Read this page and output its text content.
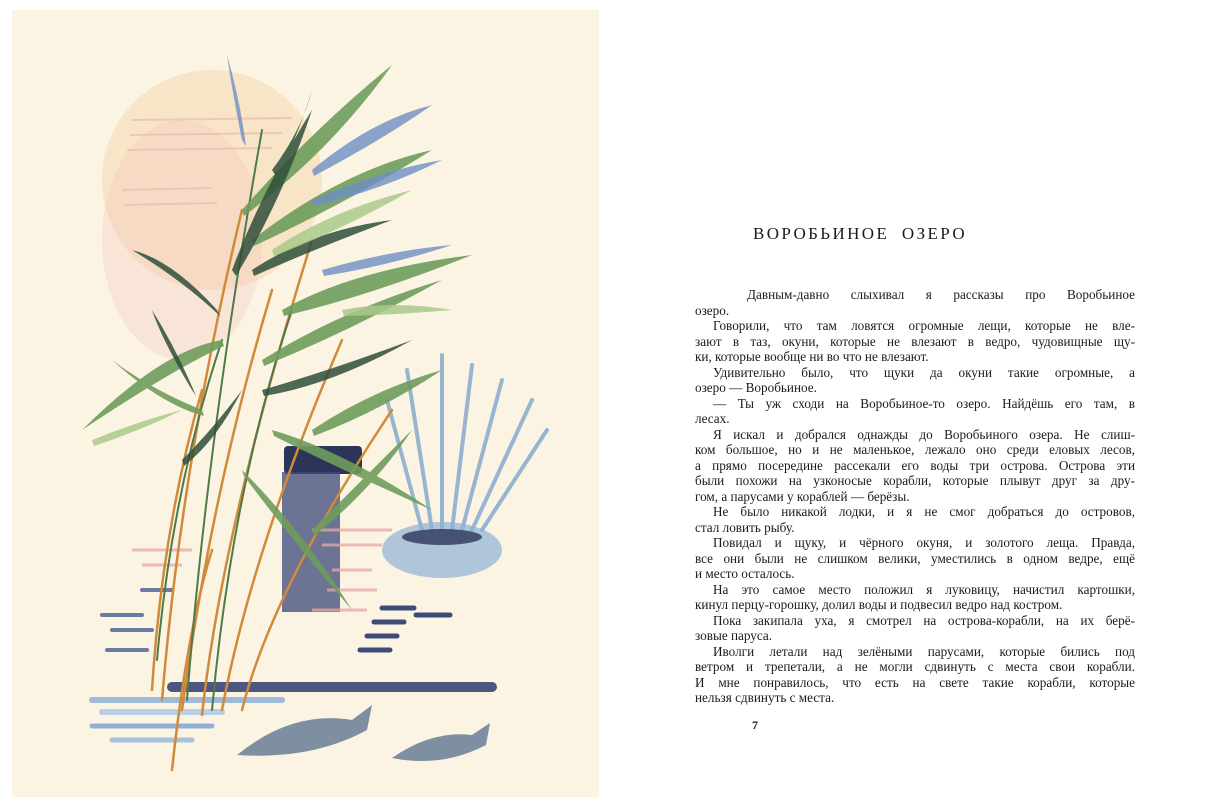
ВОРОБЬИНОЕ ОЗЕРО
Давным-давно слыхивал я рассказы про Воробьиное
озеро.
Говорили, что там ловятся огромные лещи, которые не вле-
зают в таз, окуни, которые не влезают в ведро, чудовищные щу-
ки, которые вообще ни во что не влезают.
Удивительно было, что щуки да окуни такие огромные, а
озеро — Воробьиное.
— Ты уж сходи на Воробьиное-то озеро. Найдёшь его там, в
лесах.
Я искал и добрался однажды до Воробьиного озера. Не слиш-
ком большое, но и не маленькое, лежало оно среди еловых лесов,
а прямо посередине рассекали его воды три острова. Острова эти
были похожи на узконосые корабли, которые плывут друг за дру-
гом, а парусами у кораблей — берёзы.
Не было никакой лодки, и я не смог добраться до островов,
стал ловить рыбу.
Повидал и щуку, и чёрного окуня, и золотого леща. Правда,
все они были не слишком велики, уместились в одном ведре, ещё
и место осталось.
На это самое место положил я луковицу, начистил картошки,
кинул перцу-горошку, долил воды и подвесил ведро над костром.
Пока закипала уха, я смотрел на острова-корабли, на их берё-
зовые паруса.
Иволги летали над зелёными парусами, которые бились под
ветром и трепетали, а не могли сдвинуть с места свои корабли.
И мне понравилось, что есть на свете такие корабли, которые
нельзя сдвинуть с места.
7
